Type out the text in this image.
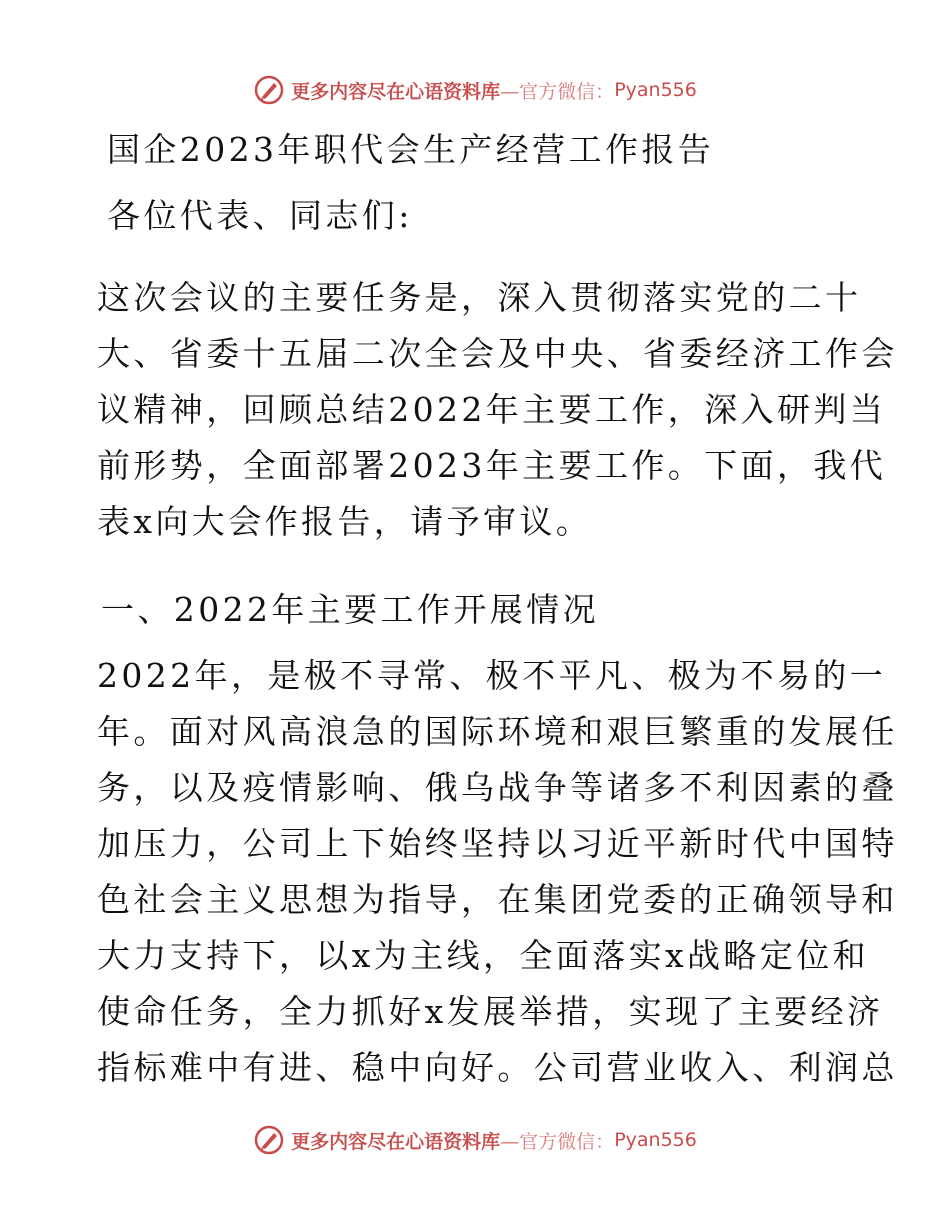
更多内容尽在心语资料库 —官方微信： Pyan556
国企2023年职代会生产经营工作报告
各位代表、同志们:
这次会议的主要任务是，深入贯彻落实党的二十
大、省委十五届二次全会及中央、省委经济工作会
议精神，回顾总结2022年主要工作，深入研判当
前形势，全面部署2023年主要工作。下面，我代
表x向大会作报告，请予审议。
一、2022年主要工作开展情况
2022年，是极不寻常、极不平凡、极为不易的一
年。面对风高浪急的国际环境和艰巨繁重的发展任
务，以及疫情影响、俄乌战争等诸多不利因素的叠
加压力，公司上下始终坚持以习近平新时代中国特
色社会主义思想为指导，在集团党委的正确领导和
大力支持下，以x为主线，全面落实x战略定位和
使命任务，全力抓好x发展举措，实现了主要经济
指标难中有进、稳中向好。公司营业收入、利润总
更多内容尽在心语资料库 —官方微信： Pyan556
